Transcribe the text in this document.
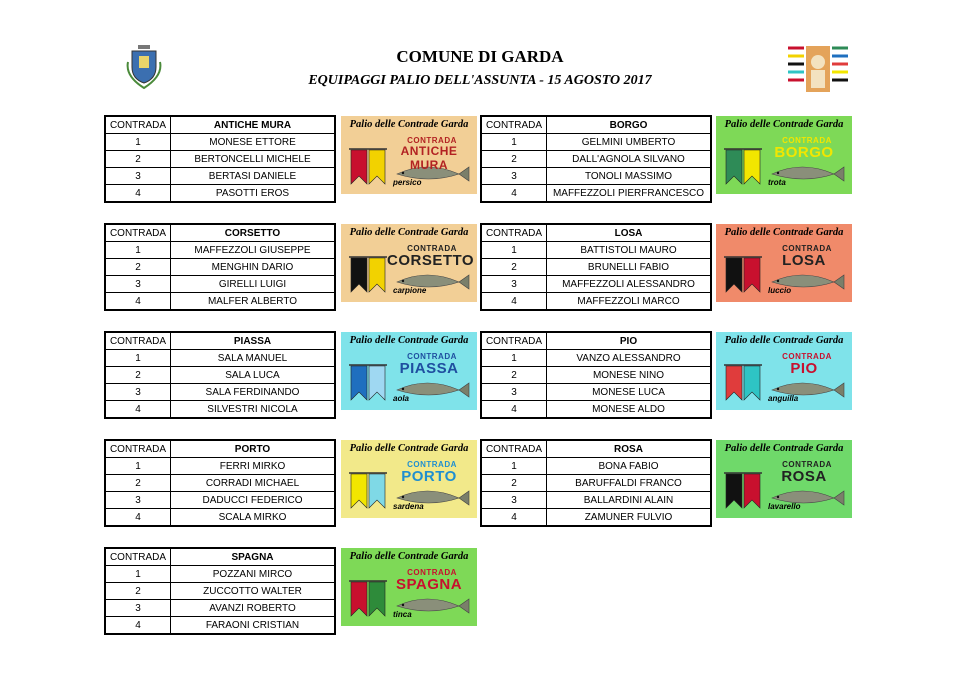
COMUNE DI GARDA
EQUIPAGGI PALIO DELL'ASSUNTA - 15 AGOSTO 2017
CONTRADA	ANTICHE MURA
1	MONESE ETTORE
2	BERTONCELLI MICHELE
3	BERTASI DANIELE
4	PASOTTI EROS
Palio delle Contrade Garda
CONTRADA
ANTICHE MURA
persico
CONTRADA	BORGO
1	GELMINI UMBERTO
2	DALL'AGNOLA SILVANO
3	TONOLI MASSIMO
4	MAFFEZZOLI PIERFRANCESCO
Palio delle Contrade Garda
CONTRADA
BORGO
trota
CONTRADA	CORSETTO
1	MAFFEZZOLI GIUSEPPE
2	MENGHIN DARIO
3	GIRELLI LUIGI
4	MALFER ALBERTO
Palio delle Contrade Garda
CONTRADA
CORSETTO
carpione
CONTRADA	LOSA
1	BATTISTOLI MAURO
2	BRUNELLI FABIO
3	MAFFEZZOLI ALESSANDRO
4	MAFFEZZOLI MARCO
Palio delle Contrade Garda
CONTRADA
LOSA
luccio
CONTRADA	PIASSA
1	SALA MANUEL
2	SALA LUCA
3	SALA FERDINANDO
4	SILVESTRI NICOLA
Palio delle Contrade Garda
CONTRADA
PIASSA
aola
CONTRADA	PIO
1	VANZO ALESSANDRO
2	MONESE NINO
3	MONESE LUCA
4	MONESE ALDO
Palio delle Contrade Garda
CONTRADA
PIO
anguilla
CONTRADA	PORTO
1	FERRI MIRKO
2	CORRADI MICHAEL
3	DADUCCI FEDERICO
4	SCALA MIRKO
Palio delle Contrade Garda
CONTRADA
PORTO
sardena
CONTRADA	ROSA
1	BONA FABIO
2	BARUFFALDI FRANCO
3	BALLARDINI ALAIN
4	ZAMUNER FULVIO
Palio delle Contrade Garda
CONTRADA
ROSA
lavarello
CONTRADA	SPAGNA
1	POZZANI MIRCO
2	ZUCCOTTO WALTER
3	AVANZI ROBERTO
4	FARAONI CRISTIAN
Palio delle Contrade Garda
CONTRADA
SPAGNA
tinca
